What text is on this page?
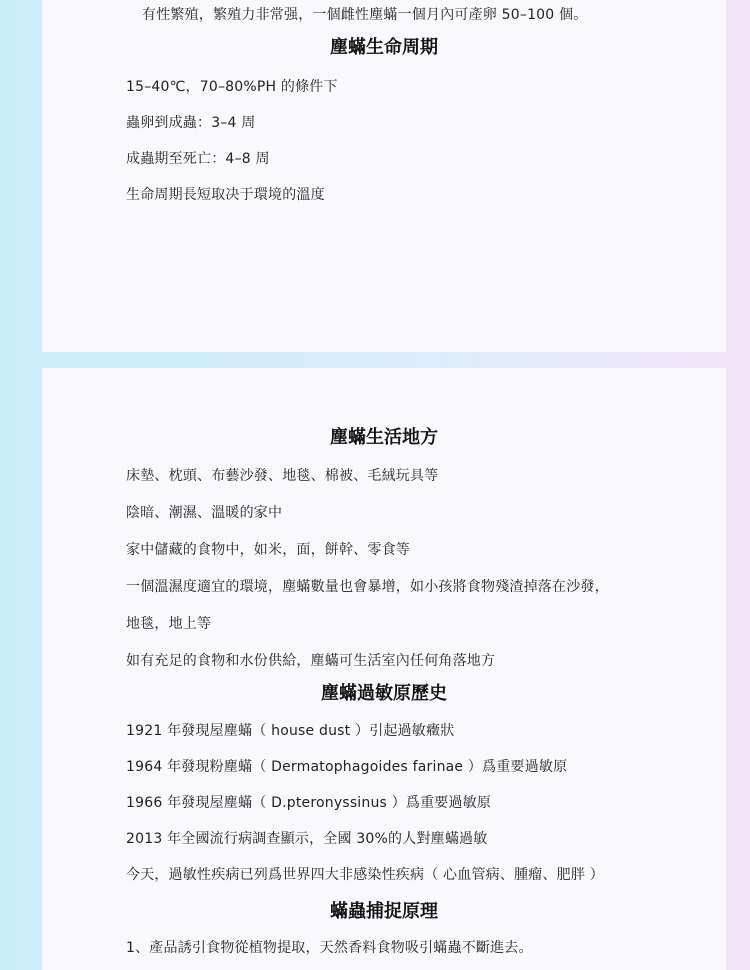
有性繁殖，繁殖力非常强，一個雌性塵蟎一個月內可產卵 50–100 個。
塵蟎生命周期
15–40℃，70–80%PH 的條件下
蟲卵到成蟲：3–4 周
成蟲期至死亡：4–8 周
生命周期長短取决于環境的溫度
塵蟎生活地方
床墊、枕頭、布藝沙發、地毯、棉被、毛絨玩具等
陰暗、潮濕、溫暖的家中
家中儲藏的食物中，如米，面，餅幹、零食等
一個溫濕度適宜的環境，塵蟎數量也會暴增，如小孩將食物殘渣掉落在沙發，
地毯，地上等
如有充足的食物和水份供給，塵蟎可生活室內任何角落地方
塵蟎過敏原歷史
1921 年發現屋塵蟎（ house dust ）引起過敏癥狀
1964 年發現粉塵蟎（ Dermatophagoides farinae ）爲重要過敏原
1966 年發現屋塵蟎（ D.pteronyssinus ）爲重要過敏原
2013 年全國流行病調查顯示，全國 30%的人對塵蟎過敏
今天，過敏性疾病已列爲世界四大非感染性疾病（ 心血管病、腫瘤、肥胖 ）
蟎蟲捕捉原理
1、產品誘引食物從植物提取，天然香料食物吸引蟎蟲不斷進去。
